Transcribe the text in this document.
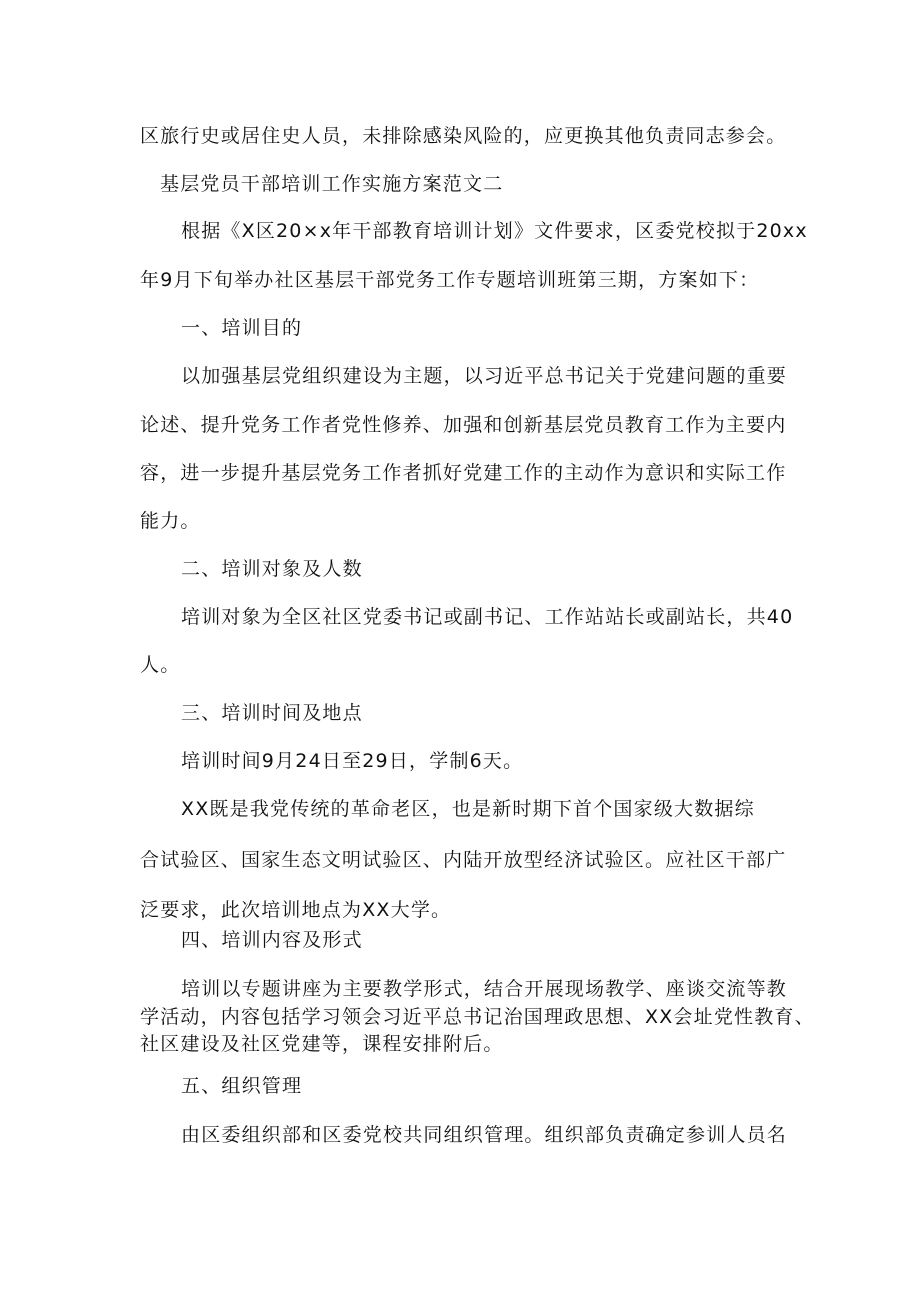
区旅行史或居住史人员，未排除感染风险的，应更换其他负责同志参会。
基层党员干部培训工作实施方案范文二
根据《X区20×x年干部教育培训计划》文件要求，区委党校拟于20xx
年9月下旬举办社区基层干部党务工作专题培训班第三期，方案如下：
一、培训目的
以加强基层党组织建设为主题，以习近平总书记关于党建问题的重要
论述、提升党务工作者党性修养、加强和创新基层党员教育工作为主要内
容，进一步提升基层党务工作者抓好党建工作的主动作为意识和实际工作
能力。
二、培训对象及人数
培训对象为全区社区党委书记或副书记、工作站站长或副站长，共40
人。
三、培训时间及地点
培训时间9月24日至29日，学制6天。
XX既是我党传统的革命老区，也是新时期下首个国家级大数据综
合试验区、国家生态文明试验区、内陆开放型经济试验区。应社区干部广
泛要求，此次培训地点为XX大学。
四、培训内容及形式
培训以专题讲座为主要教学形式，结合开展现场教学、座谈交流等教
学活动，内容包括学习领会习近平总书记治国理政思想、XX会址党性教育、
社区建设及社区党建等，课程安排附后。
五、组织管理
由区委组织部和区委党校共同组织管理。组织部负责确定参训人员名
